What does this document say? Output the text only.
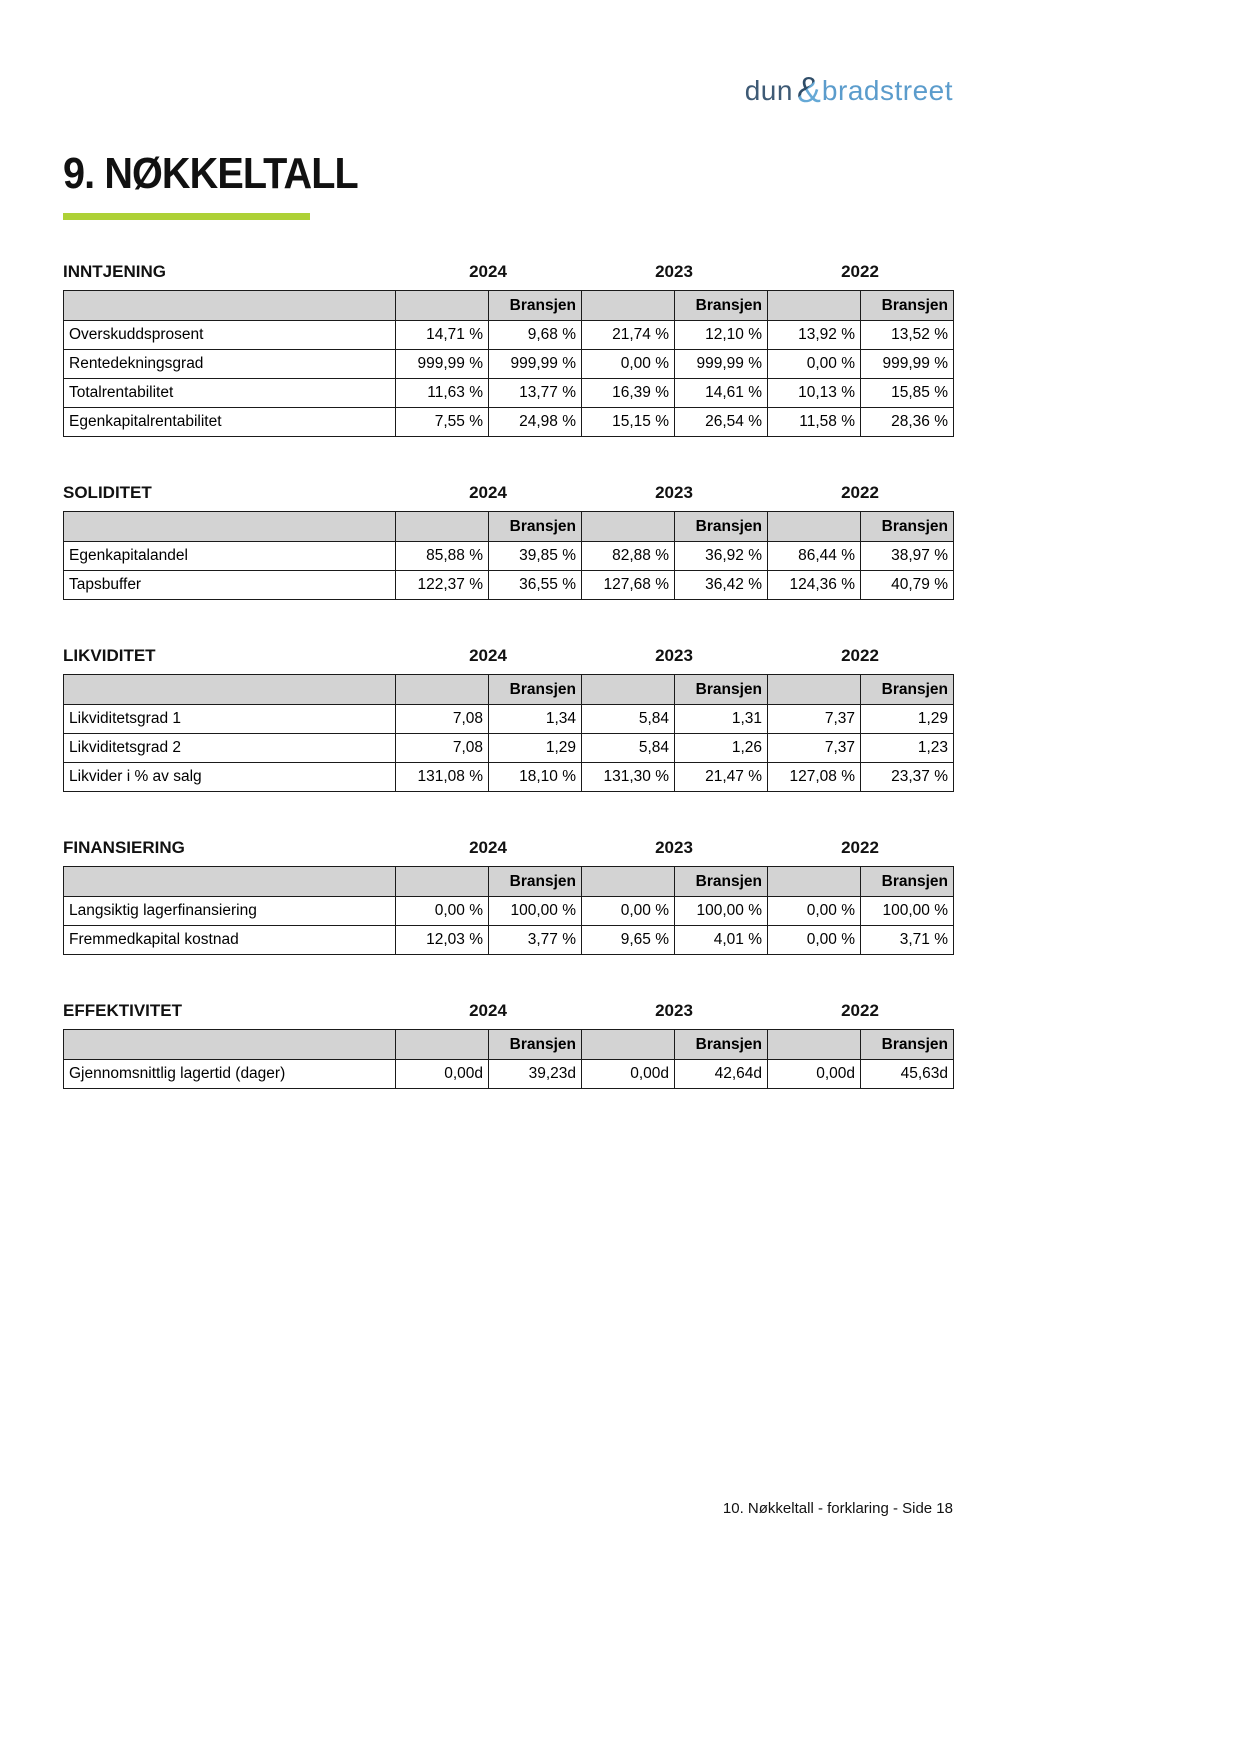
dun & bradstreet
9. NØKKELTALL
INNTJENING	2024	2023	2022
		Bransjen		Bransjen		Bransjen
Overskuddsprosent	14,71 %	9,68 %	21,74 %	12,10 %	13,92 %	13,52 %
Rentedekningsgrad	999,99 %	999,99 %	0,00 %	999,99 %	0,00 %	999,99 %
Totalrentabilitet	11,63 %	13,77 %	16,39 %	14,61 %	10,13 %	15,85 %
Egenkapitalrentabilitet	7,55 %	24,98 %	15,15 %	26,54 %	11,58 %	28,36 %
SOLIDITET	2024	2023	2022
		Bransjen		Bransjen		Bransjen
Egenkapitalandel	85,88 %	39,85 %	82,88 %	36,92 %	86,44 %	38,97 %
Tapsbuffer	122,37 %	36,55 %	127,68 %	36,42 %	124,36 %	40,79 %
LIKVIDITET	2024	2023	2022
		Bransjen		Bransjen		Bransjen
Likviditetsgrad 1	7,08	1,34	5,84	1,31	7,37	1,29
Likviditetsgrad 2	7,08	1,29	5,84	1,26	7,37	1,23
Likvider i % av salg	131,08 %	18,10 %	131,30 %	21,47 %	127,08 %	23,37 %
FINANSIERING	2024	2023	2022
		Bransjen		Bransjen		Bransjen
Langsiktig lagerfinansiering	0,00 %	100,00 %	0,00 %	100,00 %	0,00 %	100,00 %
Fremmedkapital kostnad	12,03 %	3,77 %	9,65 %	4,01 %	0,00 %	3,71 %
EFFEKTIVITET	2024	2023	2022
		Bransjen		Bransjen		Bransjen
Gjennomsnittlig lagertid (dager)	0,00d	39,23d	0,00d	42,64d	0,00d	45,63d
10. Nøkkeltall - forklaring - Side 18
